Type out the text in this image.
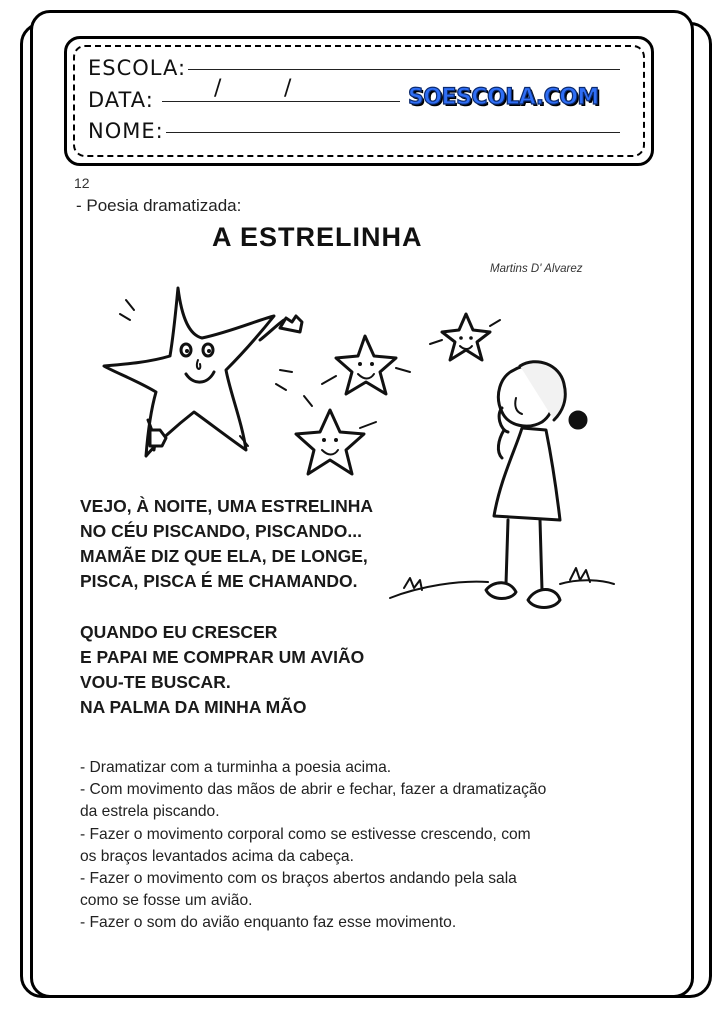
ESCOLA:
DATA:	/	/
NOME:
SOESCOLA.COM
12
- Poesia dramatizada:
A ESTRELINHA
Martins D' Alvarez
VEJO, À NOITE, UMA ESTRELINHA
NO CÉU PISCANDO, PISCANDO...
MAMÃE DIZ QUE ELA, DE LONGE,
PISCA, PISCA É ME CHAMANDO.
QUANDO EU CRESCER
E PAPAI ME COMPRAR UM AVIÃO
VOU-TE BUSCAR.
NA PALMA DA MINHA MÃO
- Dramatizar com a turminha a poesia acima.
- Com movimento das mãos de abrir e fechar, fazer a dramatização
da estrela piscando.
- Fazer o movimento corporal como se estivesse crescendo, com
os braços levantados acima da cabeça.
- Fazer o movimento com os braços abertos andando pela sala
como se fosse um avião.
- Fazer o som do avião enquanto faz esse movimento.
